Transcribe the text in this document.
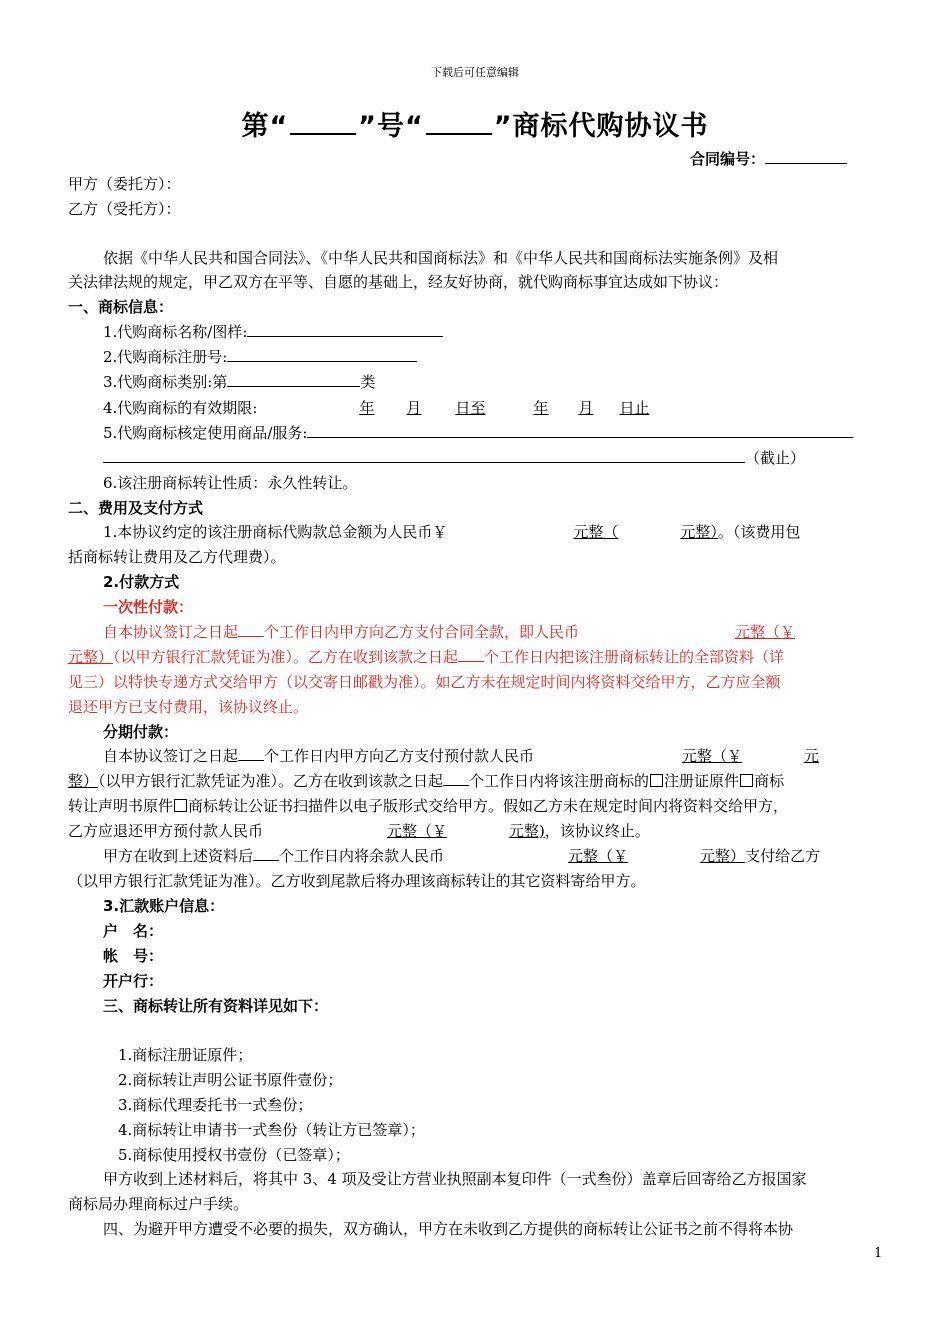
下载后可任意编辑
第“	”号“	”商标代购协议书
合同编号：
甲方（委托方）：
乙方（受托方）：
依据《中华人民共和国合同法》、《中华人民共和国商标法》和《中华人民共和国商标法实施条例》及相
关法律法规的规定，甲乙双方在平等、自愿的基础上，经友好协商，就代购商标事宜达成如下协议：
一、商标信息：
1.代购商标名称/图样:
2.代购商标注册号:
3.代购商标类别:第	类
4.代购商标的有效期限:	年 月 日至	年 月 日止
5.代购商标核定使用商品/服务:
（截止）
6.该注册商标转让性质：永久性转让。
二、费用及支付方式
1.本协议约定的该注册商标代购款总金额为人民币￥	元整（	元整）。（该费用包
括商标转让费用及乙方代理费）。
2.付款方式
一次性付款：
自本协议签订之日起 个工作日内甲方向乙方支付合同全款，即人民币	元整（￥
元整）（以甲方银行汇款凭证为准）。乙方在收到该款之日起 个工作日内把该注册商标转让的全部资料（详
见三）以特快专递方式交给甲方（以交寄日邮戳为准）。如乙方未在规定时间内将资料交给甲方，乙方应全额
退还甲方已支付费用，该协议终止。
分期付款：
自本协议签订之日起 个工作日内甲方向乙方支付预付款人民币	元整（￥	元
整）（以甲方银行汇款凭证为准）。乙方在收到该款之日起 个工作日内将该注册商标的 注册证原件 商标
转让声明书原件 商标转让公证书扫描件以电子版形式交给甲方。假如乙方未在规定时间内将资料交给甲方，
乙方应退还甲方预付款人民币	元整（￥	元整)，该协议终止。
甲方在收到上述资料后 个工作日内将余款人民币	元整（￥	元整）支付给乙方
（以甲方银行汇款凭证为准）。乙方收到尾款后将办理该商标转让的其它资料寄给甲方。
3.汇款账户信息：
户　名：
帐　号：
开户行：
三、商标转让所有资料详见如下：
1.商标注册证原件；
2.商标转让声明公证书原件壹份；
3.商标代理委托书一式叁份；
4.商标转让申请书一式叁份（转让方已签章）；
5.商标使用授权书壹份（已签章）；
甲方收到上述材料后，将其中 3、4 项及受让方营业执照副本复印件（一式叁份）盖章后回寄给乙方报国家
商标局办理商标过户手续。
四、为避开甲方遭受不必要的损失，双方确认，甲方在未收到乙方提供的商标转让公证书之前不得将本协
1
